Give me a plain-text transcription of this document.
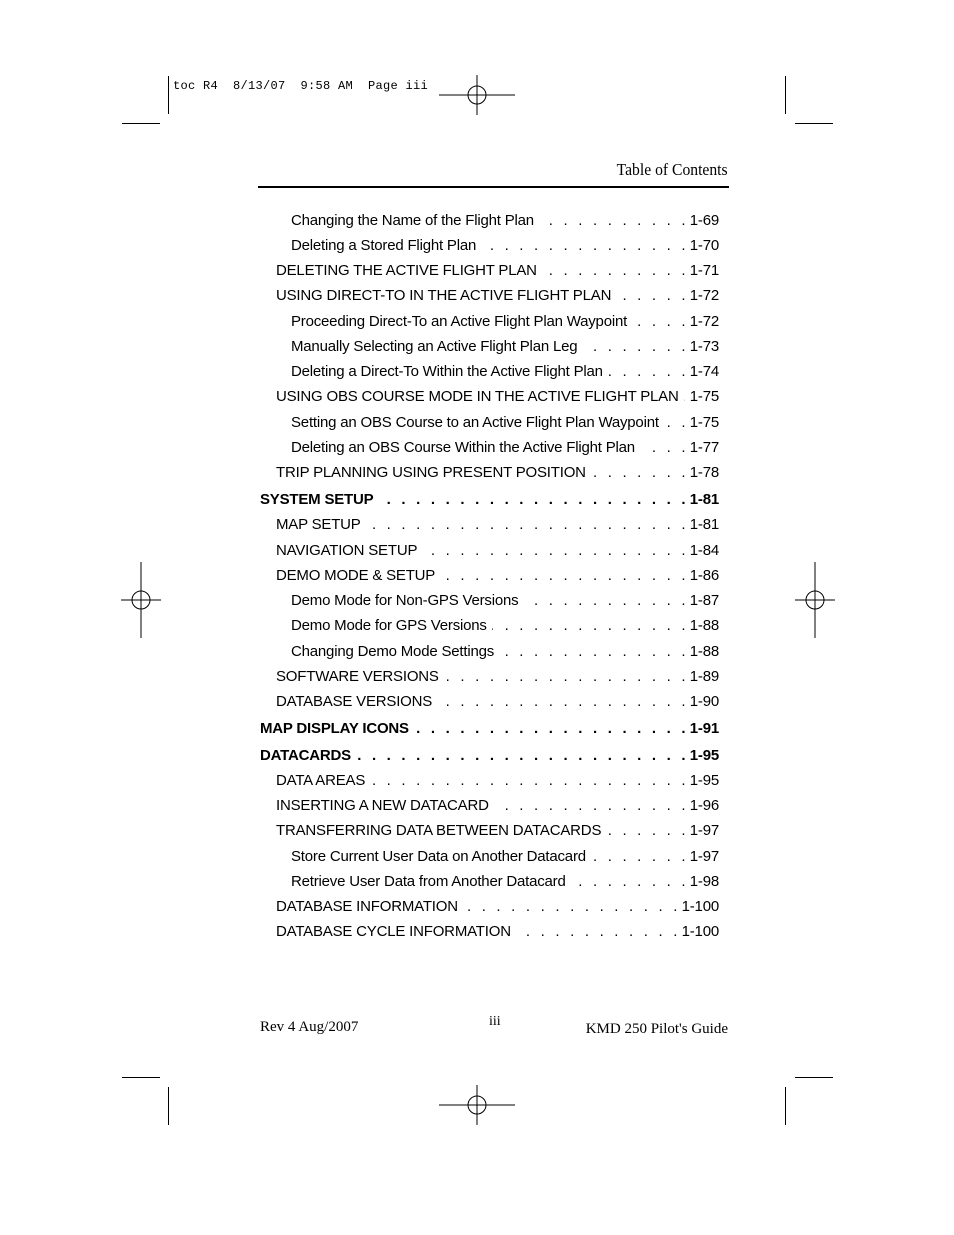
toc R4  8/13/07  9:58 AM  Page iii
Table of Contents
Changing the Name of the Flight Plan . . .	1-69
Deleting a Stored Flight Plan . . .	1-70
DELETING THE ACTIVE FLIGHT PLAN . . .	1-71
USING DIRECT-TO IN THE ACTIVE FLIGHT PLAN . . .	1-72
Proceeding Direct-To an Active Flight Plan Waypoint . . .	1-72
Manually Selecting an Active Flight Plan Leg . . .	1-73
Deleting a Direct-To Within the Active Flight Plan . . .	1-74
USING OBS COURSE MODE IN THE ACTIVE FLIGHT PLAN . . . 1-75
Setting an OBS Course to an Active Flight Plan Waypoint . . . 1-75
Deleting an OBS Course Within the Active Flight Plan . . .	1-77
TRIP PLANNING USING PRESENT POSITION . . .	1-78
SYSTEM SETUP . . .	1-81
MAP SETUP . . .	1-81
NAVIGATION SETUP . . .	1-84
DEMO MODE & SETUP . . .	1-86
Demo Mode for Non-GPS Versions . . .	1-87
Demo Mode for GPS Versions . . .	1-88
Changing Demo Mode Settings . . .	1-88
SOFTWARE VERSIONS . . .	1-89
DATABASE VERSIONS . . .	1-90
MAP DISPLAY ICONS . . .	1-91
DATACARDS . . .	1-95
DATA AREAS . . .	1-95
INSERTING A NEW DATACARD . . .	1-96
TRANSFERRING DATA BETWEEN DATACARDS . . .	1-97
Store Current User Data on Another Datacard . . .	1-97
Retrieve User Data from Another Datacard . . .	1-98
DATABASE INFORMATION . . .	1-100
DATABASE CYCLE INFORMATION . . .	1-100
Rev 4 Aug/2007	iii	KMD 250 Pilot's Guide
